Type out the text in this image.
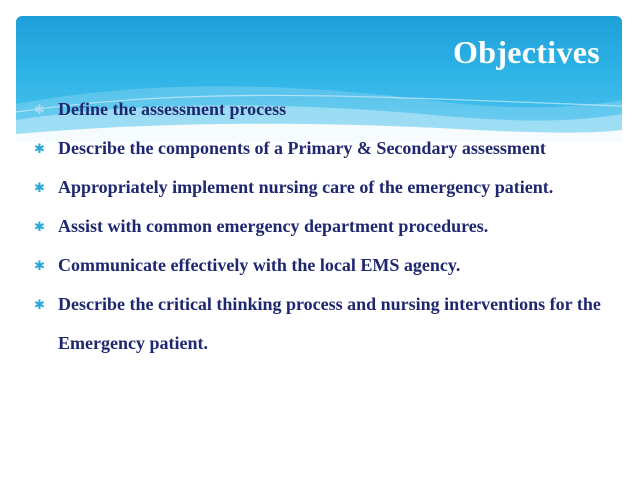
Objectives
✱ Define the assessment process
✱ Describe the components of a Primary & Secondary assessment
✱ Appropriately implement nursing care of the emergency patient.
✱ Assist with common emergency department procedures.
✱ Communicate effectively with the local EMS agency.
✱ Describe the critical thinking process and nursing interventions for the Emergency patient.
